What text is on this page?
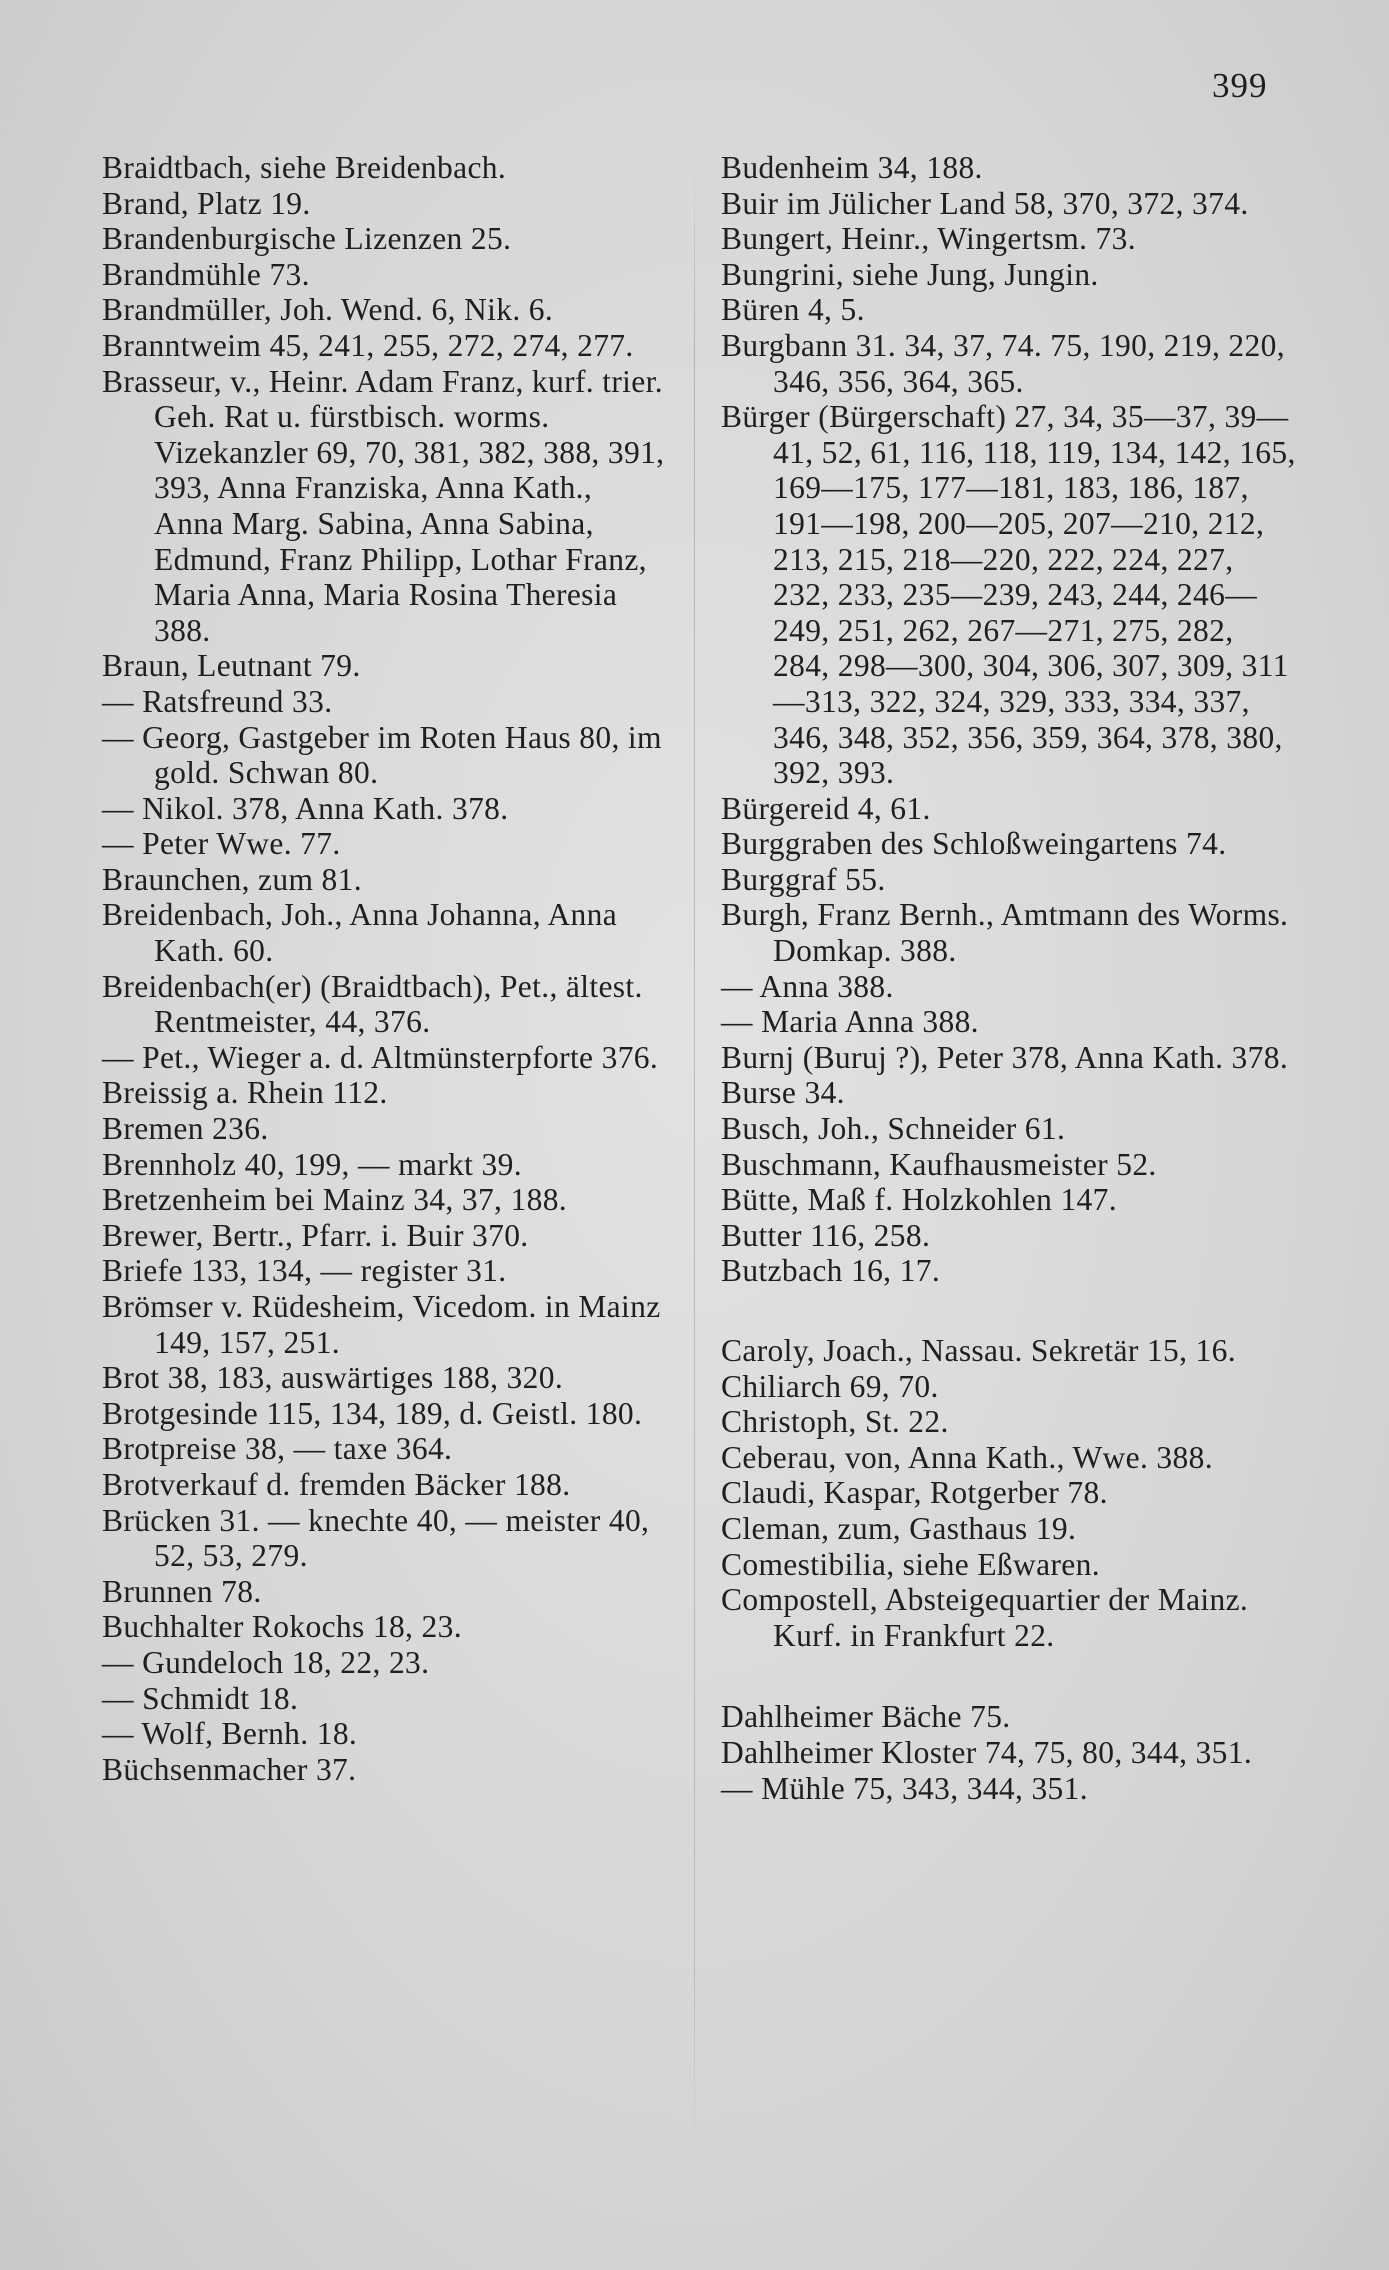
399

Braidtbach, siehe Breidenbach.

Brand, Platz 19.

Brandenburgische Lizenzen 25.

Brandmühle 73.

Brandmüller, Joh. Wend. 6, Nik. 6.

Branntweim 45, 241, 255, 272, 274, 277.

Brasseur, v., Heinr. Adam Franz, kurf. trier. Geh. Rat u. fürstbisch. worms. Vizekanzler 69, 70, 381, 382, 388, 391, 393, Anna Franziska, Anna Kath., Anna Marg. Sabina, Anna Sabina, Edmund, Franz Philipp, Lothar Franz, Maria Anna, Maria Rosina Theresia 388.

Braun, Leutnant 79.

— Ratsfreund 33.

— Georg, Gastgeber im Roten Haus 80, im gold. Schwan 80.

— Nikol. 378, Anna Kath. 378.

— Peter Wwe. 77.

Braunchen, zum 81.

Breidenbach, Joh., Anna Johanna, Anna Kath. 60.

Breidenbach(er) (Braidtbach), Pet., ältest. Rentmeister, 44, 376.

— Pet., Wieger a. d. Altmünsterpforte 376.

Breissig a. Rhein 112.

Bremen 236.

Brennholz 40, 199, — markt 39.

Bretzenheim bei Mainz 34, 37, 188.

Brewer, Bertr., Pfarr. i. Buir 370.

Briefe 133, 134, — register 31.

Brömser v. Rüdesheim, Vicedom. in Mainz 149, 157, 251.

Brot 38, 183, auswärtiges 188, 320.

Brotgesinde 115, 134, 189, d. Geistl. 180.

Brotpreise 38, — taxe 364.

Brotverkauf d. fremden Bäcker 188.

Brücken 31. — knechte 40, — meister 40, 52, 53, 279.

Brunnen 78.

Buchhalter Rokochs 18, 23.

— Gundeloch 18, 22, 23.

— Schmidt 18.

— Wolf, Bernh. 18.

Büchsenmacher 37.

Budenheim 34, 188.

Buir im Jülicher Land 58, 370, 372, 374.

Bungert, Heinr., Wingertsm. 73.

Bungrini, siehe Jung, Jungin.

Büren 4, 5.

Burgbann 31. 34, 37, 74. 75, 190, 219, 220, 346, 356, 364, 365.

Bürger (Bürgerschaft) 27, 34, 35—37, 39—41, 52, 61, 116, 118, 119, 134, 142, 165, 169—175, 177—181, 183, 186, 187, 191—198, 200—205, 207—210, 212, 213, 215, 218—220, 222, 224, 227, 232, 233, 235—239, 243, 244, 246—249, 251, 262, 267—271, 275, 282, 284, 298—300, 304, 306, 307, 309, 311—313, 322, 324, 329, 333, 334, 337, 346, 348, 352, 356, 359, 364, 378, 380, 392, 393.

Bürgereid 4, 61.

Burggraben des Schloßweingartens 74.

Burggraf 55.

Burgh, Franz Bernh., Amtmann des Worms. Domkap. 388.

— Anna 388.

— Maria Anna 388.

Burnj (Buruj ?), Peter 378, Anna Kath. 378.

Burse 34.

Busch, Joh., Schneider 61.

Buschmann, Kaufhausmeister 52.

Bütte, Maß f. Holzkohlen 147.

Butter 116, 258.

Butzbach 16, 17.

Caroly, Joach., Nassau. Sekretär 15, 16.

Chiliarch 69, 70.

Christoph, St. 22.

Ceberau, von, Anna Kath., Wwe. 388.

Claudi, Kaspar, Rotgerber 78.

Cleman, zum, Gasthaus 19.

Comestibilia, siehe Eßwaren.

Compostell, Absteigequartier der Mainz. Kurf. in Frankfurt 22.

Dahlheimer Bäche 75.

Dahlheimer Kloster 74, 75, 80, 344, 351.

— Mühle 75, 343, 344, 351.
